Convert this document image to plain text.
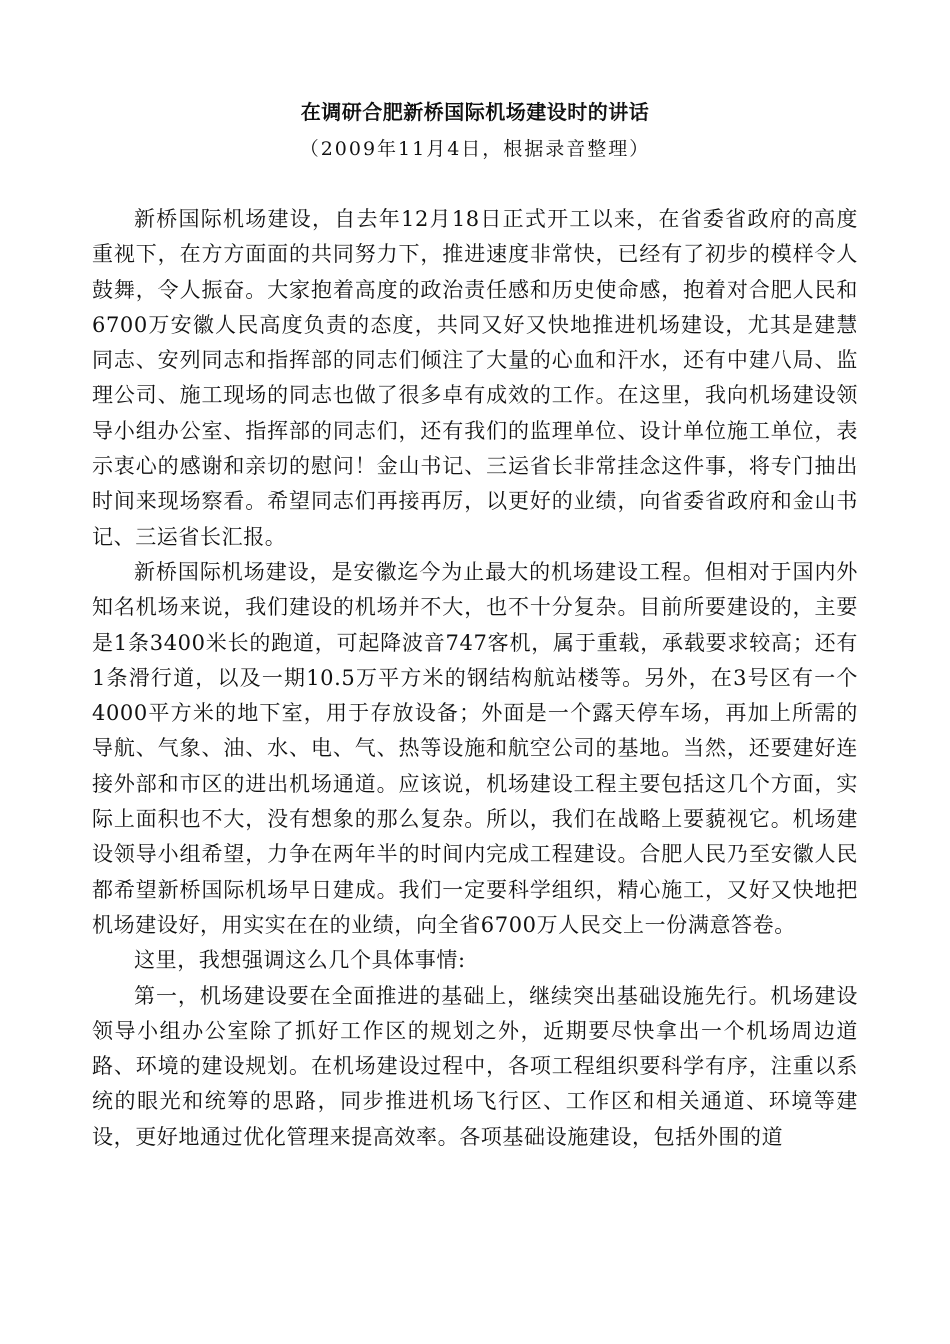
在调研合肥新桥国际机场建设时的讲话
（2009年11月4日，根据录音整理）

新桥国际机场建设，自去年12月18日正式开工以来，在省委省政府的高度重视下，在方方面面的共同努力下，推进速度非常快，已经有了初步的模样令人鼓舞，令人振奋。大家抱着高度的政治责任感和历史使命感，抱着对合肥人民和6700万安徽人民高度负责的态度，共同又好又快地推进机场建设，尤其是建慧同志、安列同志和指挥部的同志们倾注了大量的心血和汗水，还有中建八局、监理公司、施工现场的同志也做了很多卓有成效的工作。在这里，我向机场建设领导小组办公室、指挥部的同志们，还有我们的监理单位、设计单位施工单位，表示衷心的感谢和亲切的慰问！金山书记、三运省长非常挂念这件事，将专门抽出时间来现场察看。希望同志们再接再厉，以更好的业绩，向省委省政府和金山书记、三运省长汇报。

新桥国际机场建设，是安徽迄今为止最大的机场建设工程。但相对于国内外知名机场来说，我们建设的机场并不大，也不十分复杂。目前所要建设的，主要是1条3400米长的跑道，可起降波音747客机，属于重载，承载要求较高；还有1条滑行道，以及一期10.5万平方米的钢结构航站楼等。另外，在3号区有一个4000平方米的地下室，用于存放设备；外面是一个露天停车场，再加上所需的导航、气象、油、水、电、气、热等设施和航空公司的基地。当然，还要建好连接外部和市区的进出机场通道。应该说，机场建设工程主要包括这几个方面，实际上面积也不大，没有想象的那么复杂。所以，我们在战略上要藐视它。机场建设领导小组希望，力争在两年半的时间内完成工程建设。合肥人民乃至安徽人民都希望新桥国际机场早日建成。我们一定要科学组织，精心施工，又好又快地把机场建设好，用实实在在的业绩，向全省6700万人民交上一份满意答卷。

这里，我想强调这么几个具体事情:

第一，机场建设要在全面推进的基础上，继续突出基础设施先行。机场建设领导小组办公室除了抓好工作区的规划之外，近期要尽快拿出一个机场周边道路、环境的建设规划。在机场建设过程中，各项工程组织要科学有序，注重以系统的眼光和统筹的思路，同步推进机场飞行区、工作区和相关通道、环境等建设，更好地通过优化管理来提高效率。各项基础设施建设，包括外围的道
